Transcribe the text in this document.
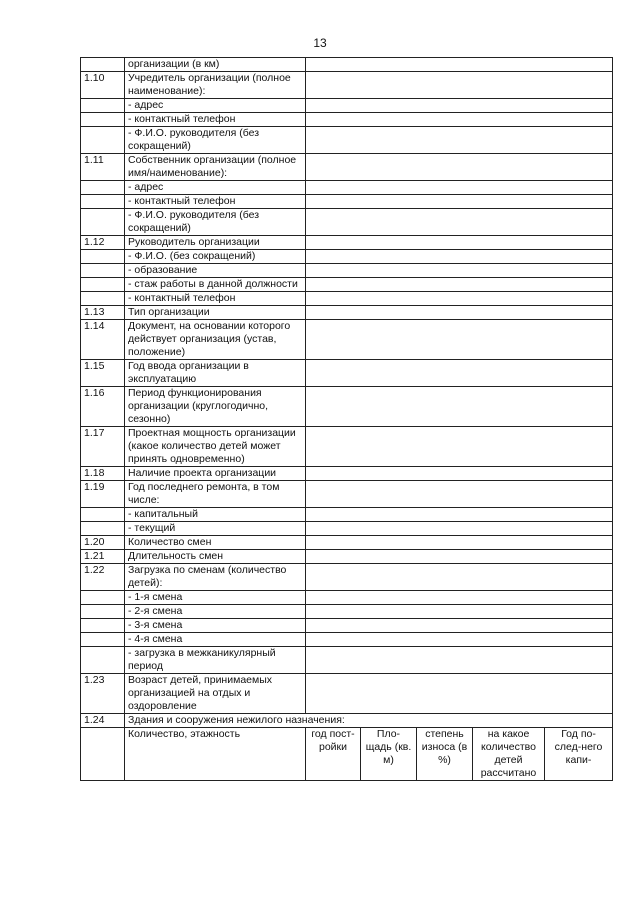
13
	организации (в км)					
1.10	Учредитель организации (полное наименование):					
	- адрес					
	- контактный телефон					
	- Ф.И.О. руководителя (без сокращений)					
1.11	Собственник организации (полное имя/наименование):					
	- адрес					
	- контактный телефон					
	- Ф.И.О. руководителя (без сокращений)					
1.12	Руководитель организации					
	- Ф.И.О. (без сокращений)					
	- образование					
	- стаж работы в данной должности					
	- контактный телефон					
1.13	Тип организации					
1.14	Документ, на основании которого действует организация (устав, положение)					
1.15	Год ввода организации в эксплуатацию					
1.16	Период функционирования организации (круглогодично, сезонно)					
1.17	Проектная мощность организации (какое количество детей может принять одновременно)					
1.18	Наличие проекта организации					
1.19	Год последнего ремонта, в том числе:					
	- капитальный					
	- текущий					
1.20	Количество смен					
1.21	Длительность смен					
1.22	Загрузка по сменам (количество детей):					
	- 1-я смена					
	- 2-я смена					
	- 3-я смена					
	- 4-я смена					
	- загрузка в межканикулярный период					
1.23	Возраст детей, принимаемых организацией на отдых и оздоровление					
1.24	Здания и сооружения нежилого назначения:					
	Количество, этажность	год пост-ройки	Пло-щадь (кв. м)	степень износа (в %)	на какое количество детей рассчитано	Год по-след-него капи-
